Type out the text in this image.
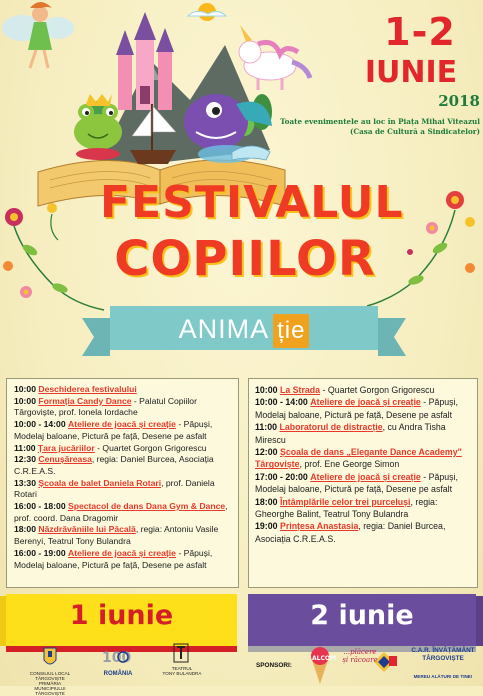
1-2
IUNIE
2018
Toate evenimentele au loc în Piața Mihai Viteazul
(Casa de Cultură a Sindicatelor)
FESTIVALUL
COPIILOR
ANIMA ție

10:00 Deschiderea festivalului

10:00 Formația Candy Dance - Palatul Copiilor Târgoviște, prof. Ionela Iordache

10:00 - 14:00 Ateliere de joacă și creație - Păpuși, Modelaj baloane, Pictură pe față, Desene pe asfalt

11:00 Țara jucăriilor - Quartet Gorgon Grigorescu

12:30 Cenușăreasa, regia: Daniel Burcea, Asociația C.R.E.A.S.

13:30 Școala de balet Daniela Rotari, prof. Daniela Rotari

16:00 - 18:00 Spectacol de dans Dana Gym & Dance, prof. coord. Dana Dragomir

18:00 Năzdrăvăniile lui Păcală, regia: Antoniu Vasile Berenyi, Teatrul Tony Bulandra

16:00 - 19:00 Ateliere de joacă și creație - Păpuși, Modelaj baloane, Pictură pe față, Desene pe asfalt

10:00 La Strada - Quartet Gorgon Grigorescu

10:00 - 14:00 Ateliere de joacă și creație - Păpuși, Modelaj baloane, Pictură pe față, Desene pe asfalt

11:00 Laboratorul de distracție, cu Andra Tisha Mirescu

12:00 Școala de dans „Elegante Dance Academy" Târgoviște, prof. Ene George Simon

17:00 - 20:00 Ateliere de joacă și creație - Păpuși, Modelaj baloane, Pictură pe față, Desene pe asfalt

18:00 Întâmplările celor trei purceluși, regia: Gheorghe Balint, Teatrul Tony Bulandra

19:00 Prințesa Anastasia, regia: Daniel Burcea, Asociația C.R.E.A.S.

1 iunie	2 iunie
100	ALCOM
CONSILIUL LOCAL TÂRGOVIȘTE
PRIMĂRIA MUNICIPIULUI TÂRGOVIȘTE
ROMÂNIA
TEATRUL
TONY BULANDRA
SPONSORI:
...plăcere
și răcoare
C.A.R. ÎNVĂȚĂMÂNT
TÂRGOVIȘTE
MEREU ALĂTURI DE TINE!
